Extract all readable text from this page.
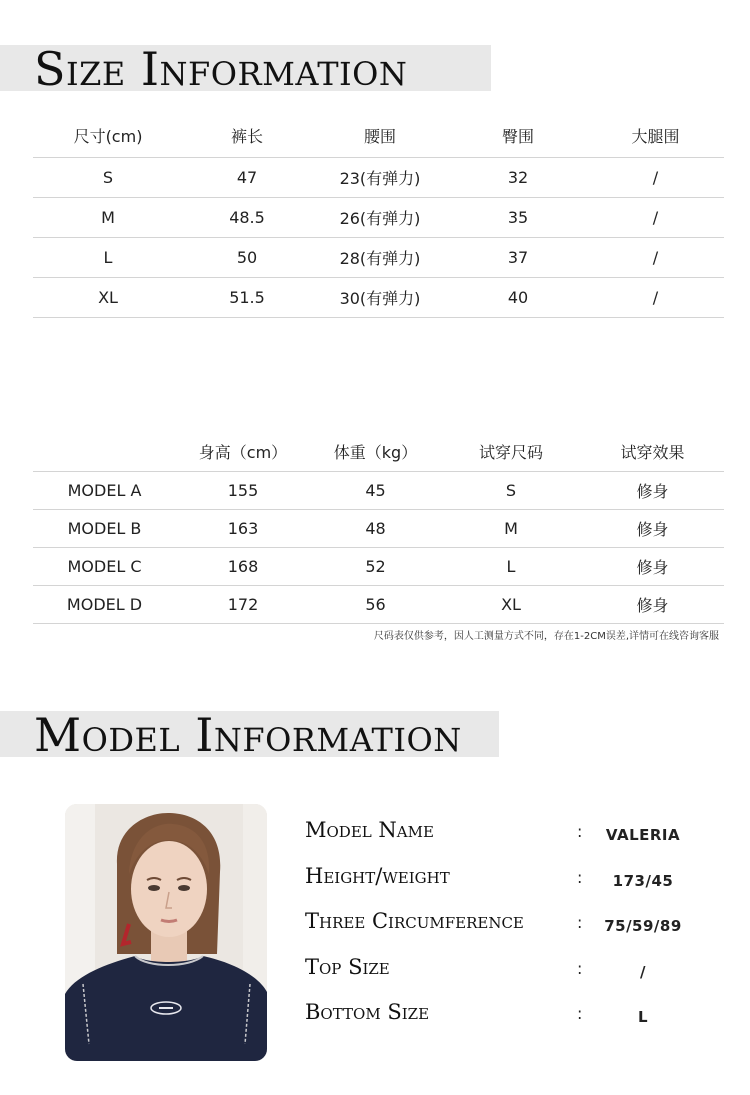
Size Information
尺寸(cm)	裤长	腰围	臀围	大腿围
S	47	23(有弹力)	32	/
M	48.5	26(有弹力)	35	/
L	50	28(有弹力)	37	/
XL	51.5	30(有弹力)	40	/
	身高（cm）	体重（kg）	试穿尺码	试穿效果
MODEL A	155	45	S	修身
MODEL B	163	48	M	修身
MODEL C	168	52	L	修身
MODEL D	172	56	XL	修身
尺码表仅供参考，因人工测量方式不同，存在1-2CM误差,详情可在线咨询客服
Model Information
Model Name	:	VALERIA
Height/weight	:	173/45
Three Circumference	:	75/59/89
Top Size	:	/
Bottom Size	:	L
